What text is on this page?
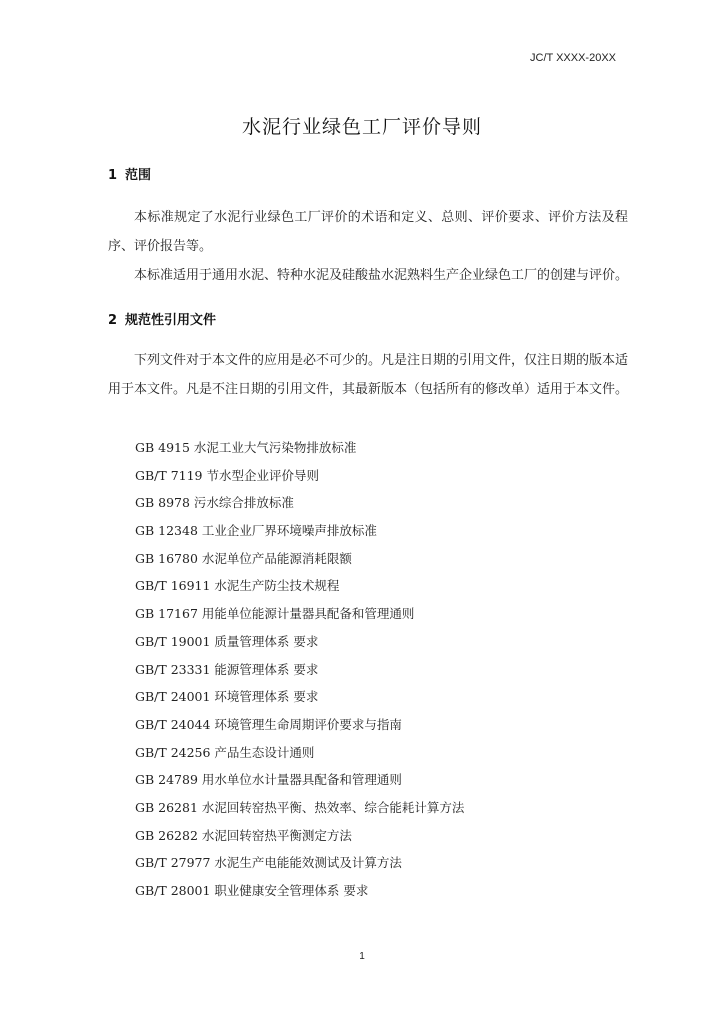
JC/T XXXX-20XX
水泥行业绿色工厂评价导则
1 范围
本标准规定了水泥行业绿色工厂评价的术语和定义、总则、评价要求、评价方法及程序、评价报告等。
本标准适用于通用水泥、特种水泥及硅酸盐水泥熟料生产企业绿色工厂的创建与评价。
2 规范性引用文件
下列文件对于本文件的应用是必不可少的。凡是注日期的引用文件，仅注日期的版本适用于本文件。凡是不注日期的引用文件，其最新版本（包括所有的修改单）适用于本文件。
GB 4915 水泥工业大气污染物排放标准
GB/T 7119 节水型企业评价导则
GB 8978 污水综合排放标准
GB 12348 工业企业厂界环境噪声排放标准
GB 16780 水泥单位产品能源消耗限额
GB/T 16911 水泥生产防尘技术规程
GB 17167 用能单位能源计量器具配备和管理通则
GB/T 19001 质量管理体系 要求
GB/T 23331 能源管理体系 要求
GB/T 24001 环境管理体系 要求
GB/T 24044 环境管理生命周期评价要求与指南
GB/T 24256 产品生态设计通则
GB 24789 用水单位水计量器具配备和管理通则
GB 26281 水泥回转窑热平衡、热效率、综合能耗计算方法
GB 26282 水泥回转窑热平衡测定方法
GB/T 27977 水泥生产电能能效测试及计算方法
GB/T 28001 职业健康安全管理体系 要求
1
